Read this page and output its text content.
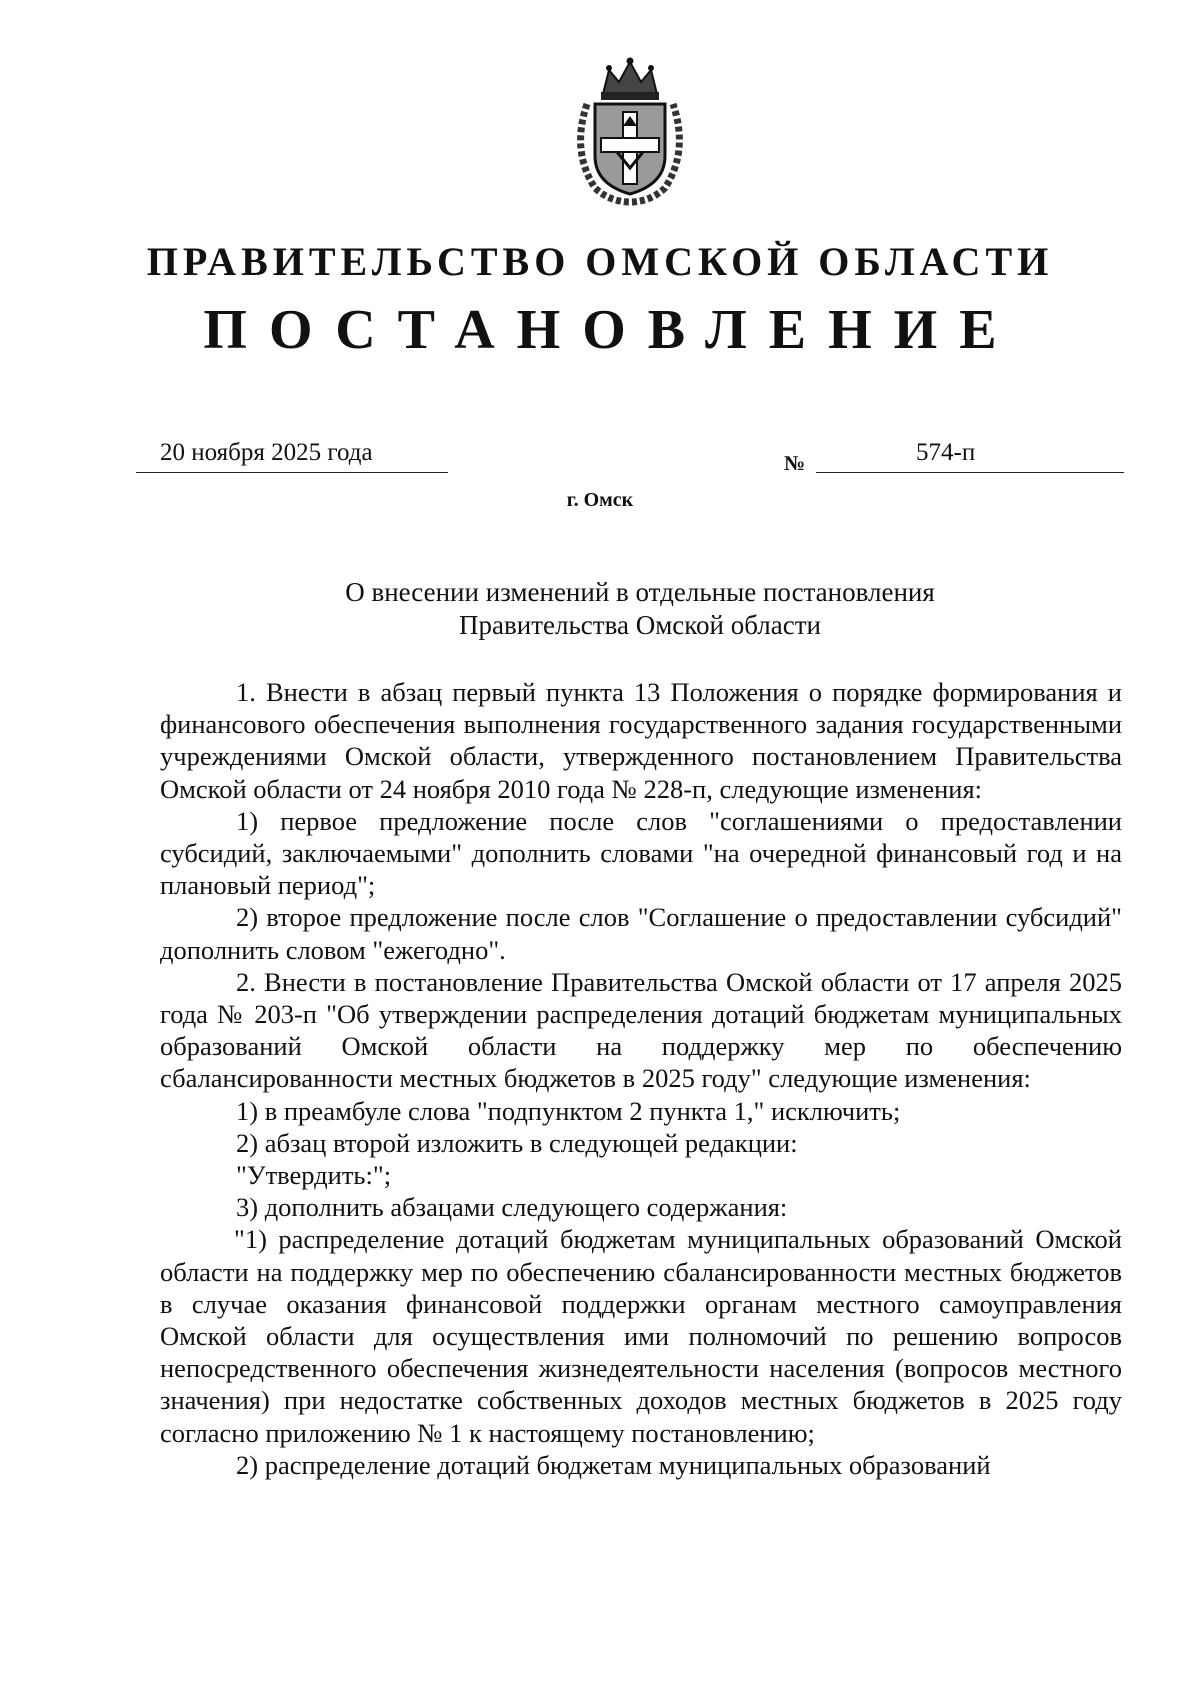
ПРАВИТЕЛЬСТВО ОМСКОЙ ОБЛАСТИ
ПОСТАНОВЛЕНИЕ
20 ноября 2025 года	№	574-п
г. Омск
О внесении изменений в отдельные постановления
Правительства Омской области

1. Внести в абзац первый пункта 13 Положения о порядке формирования и финансового обеспечения выполнения государственного задания государственными учреждениями Омской области, утвержденного постановлением Правительства Омской области от 24 ноября 2010 года № 228-п, следующие изменения:

1) первое предложение после слов "соглашениями о предоставлении субсидий, заключаемыми" дополнить словами "на очередной финансовый год и на плановый период";

2) второе предложение после слов "Соглашение о предоставлении субсидий" дополнить словом "ежегодно".

2. Внести в постановление Правительства Омской области от 17 апреля 2025 года № 203-п "Об утверждении распределения дотаций бюджетам муниципальных образований Омской области на поддержку мер по обеспечению сбалансированности местных бюджетов в 2025 году" следующие изменения:

1) в преамбуле слова "подпунктом 2 пункта 1," исключить;

2) абзац второй изложить в следующей редакции:

"Утвердить:";

3) дополнить абзацами следующего содержания:

"1) распределение дотаций бюджетам муниципальных образований Омской области на поддержку мер по обеспечению сбалансированности местных бюджетов в случае оказания финансовой поддержки органам местного самоуправления Омской области для осуществления ими полномочий по решению вопросов непосредственного обеспечения жизнедеятельности населения (вопросов местного значения) при недостатке собственных доходов местных бюджетов в 2025 году согласно приложению № 1 к настоящему постановлению;

2) распределение дотаций бюджетам муниципальных образований
